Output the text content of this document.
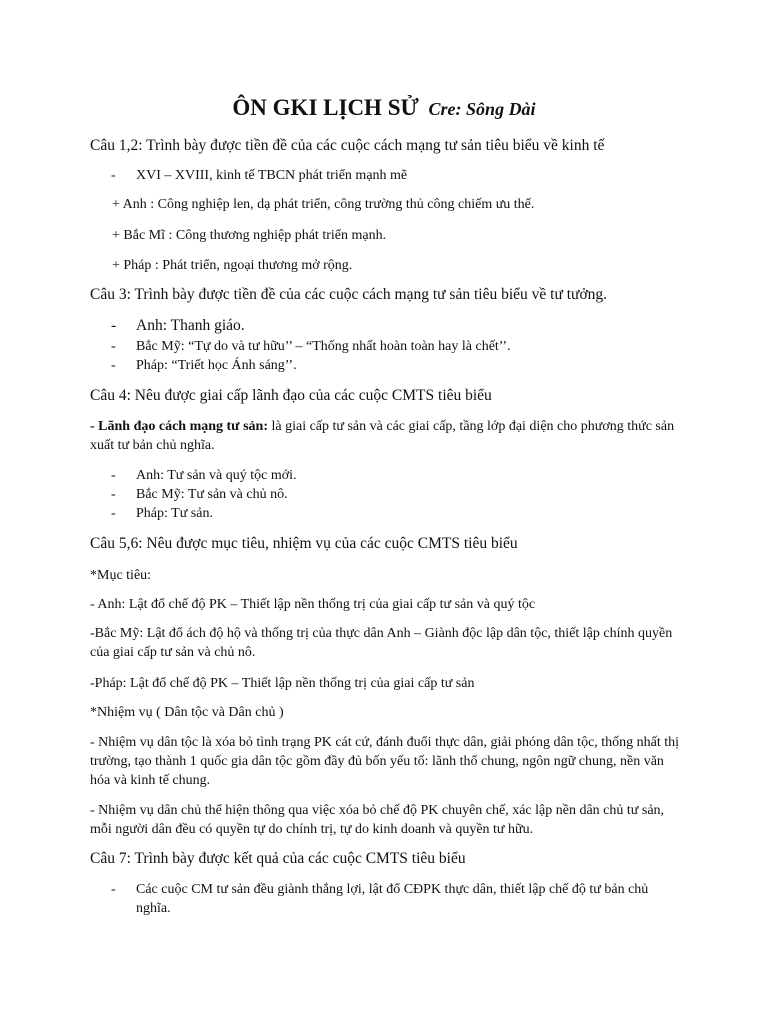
ÔN GKI LỊCH SỬ Cre: Sông Dài

Câu 1,2: Trình bày được tiền đề của các cuộc cách mạng tư sản tiêu biểu về kinh tế

- XVI – XVIII, kinh tế TBCN phát triển mạnh mẽ

+ Anh : Công nghiệp len, dạ phát triển, công trường thủ công chiếm ưu thế.

+ Bắc Mĩ : Công thương nghiệp phát triển mạnh.

+ Pháp : Phát triển, ngoại thương mở rộng.

Câu 3: Trình bày được tiền đề của các cuộc cách mạng tư sản tiêu biểu về tư tưởng.

- Anh: Thanh giáo.
- Bắc Mỹ: “Tự do và tư hữu’’ – “Thống nhất hoàn toàn hay là chết’’.
- Pháp: “Triết học Ánh sáng’’.

Câu 4: Nêu được giai cấp lãnh đạo của các cuộc CMTS tiêu biểu

- Lãnh đạo cách mạng tư sản: là giai cấp tư sản và các giai cấp, tầng lớp đại diện cho phương thức sản xuất tư bản chủ nghĩa.

- Anh: Tư sản và quý tộc mới.
- Bắc Mỹ: Tư sản và chủ nô.
- Pháp: Tư sản.

Câu 5,6: Nêu được mục tiêu, nhiệm vụ của các cuộc CMTS tiêu biểu

*Mục tiêu:

- Anh: Lật đổ chế độ PK – Thiết lập nền thống trị của giai cấp tư sản và quý tộc

-Bắc Mỹ: Lật đổ ách độ hộ và thống trị của thực dân Anh – Giành độc lập dân tộc, thiết lập chính quyền của giai cấp tư sản và chủ nô.

-Pháp: Lật đổ chế độ PK – Thiết lập nền thống trị của giai cấp tư sản

*Nhiệm vụ ( Dân tộc và Dân chủ )

- Nhiệm vụ dân tộc là xóa bỏ tình trạng PK cát cứ, đánh đuổi thực dân, giải phóng dân tộc, thống nhất thị trường, tạo thành 1 quốc gia dân tộc gồm đầy đủ bốn yếu tố: lãnh thổ chung, ngôn ngữ chung, nền văn hóa và kinh tế chung.

- Nhiệm vụ dân chủ thể hiện thông qua việc xóa bỏ chế độ PK chuyên chế, xác lập nền dân chủ tư sản, mỗi người dân đều có quyền tự do chính trị, tự do kinh doanh và quyền tư hữu.

Câu 7: Trình bày được kết quả của các cuộc CMTS tiêu biểu

- Các cuộc CM tư sản đều giành thắng lợi, lật đổ CĐPK thực dân, thiết lập chế độ tư bản chủ nghĩa.
